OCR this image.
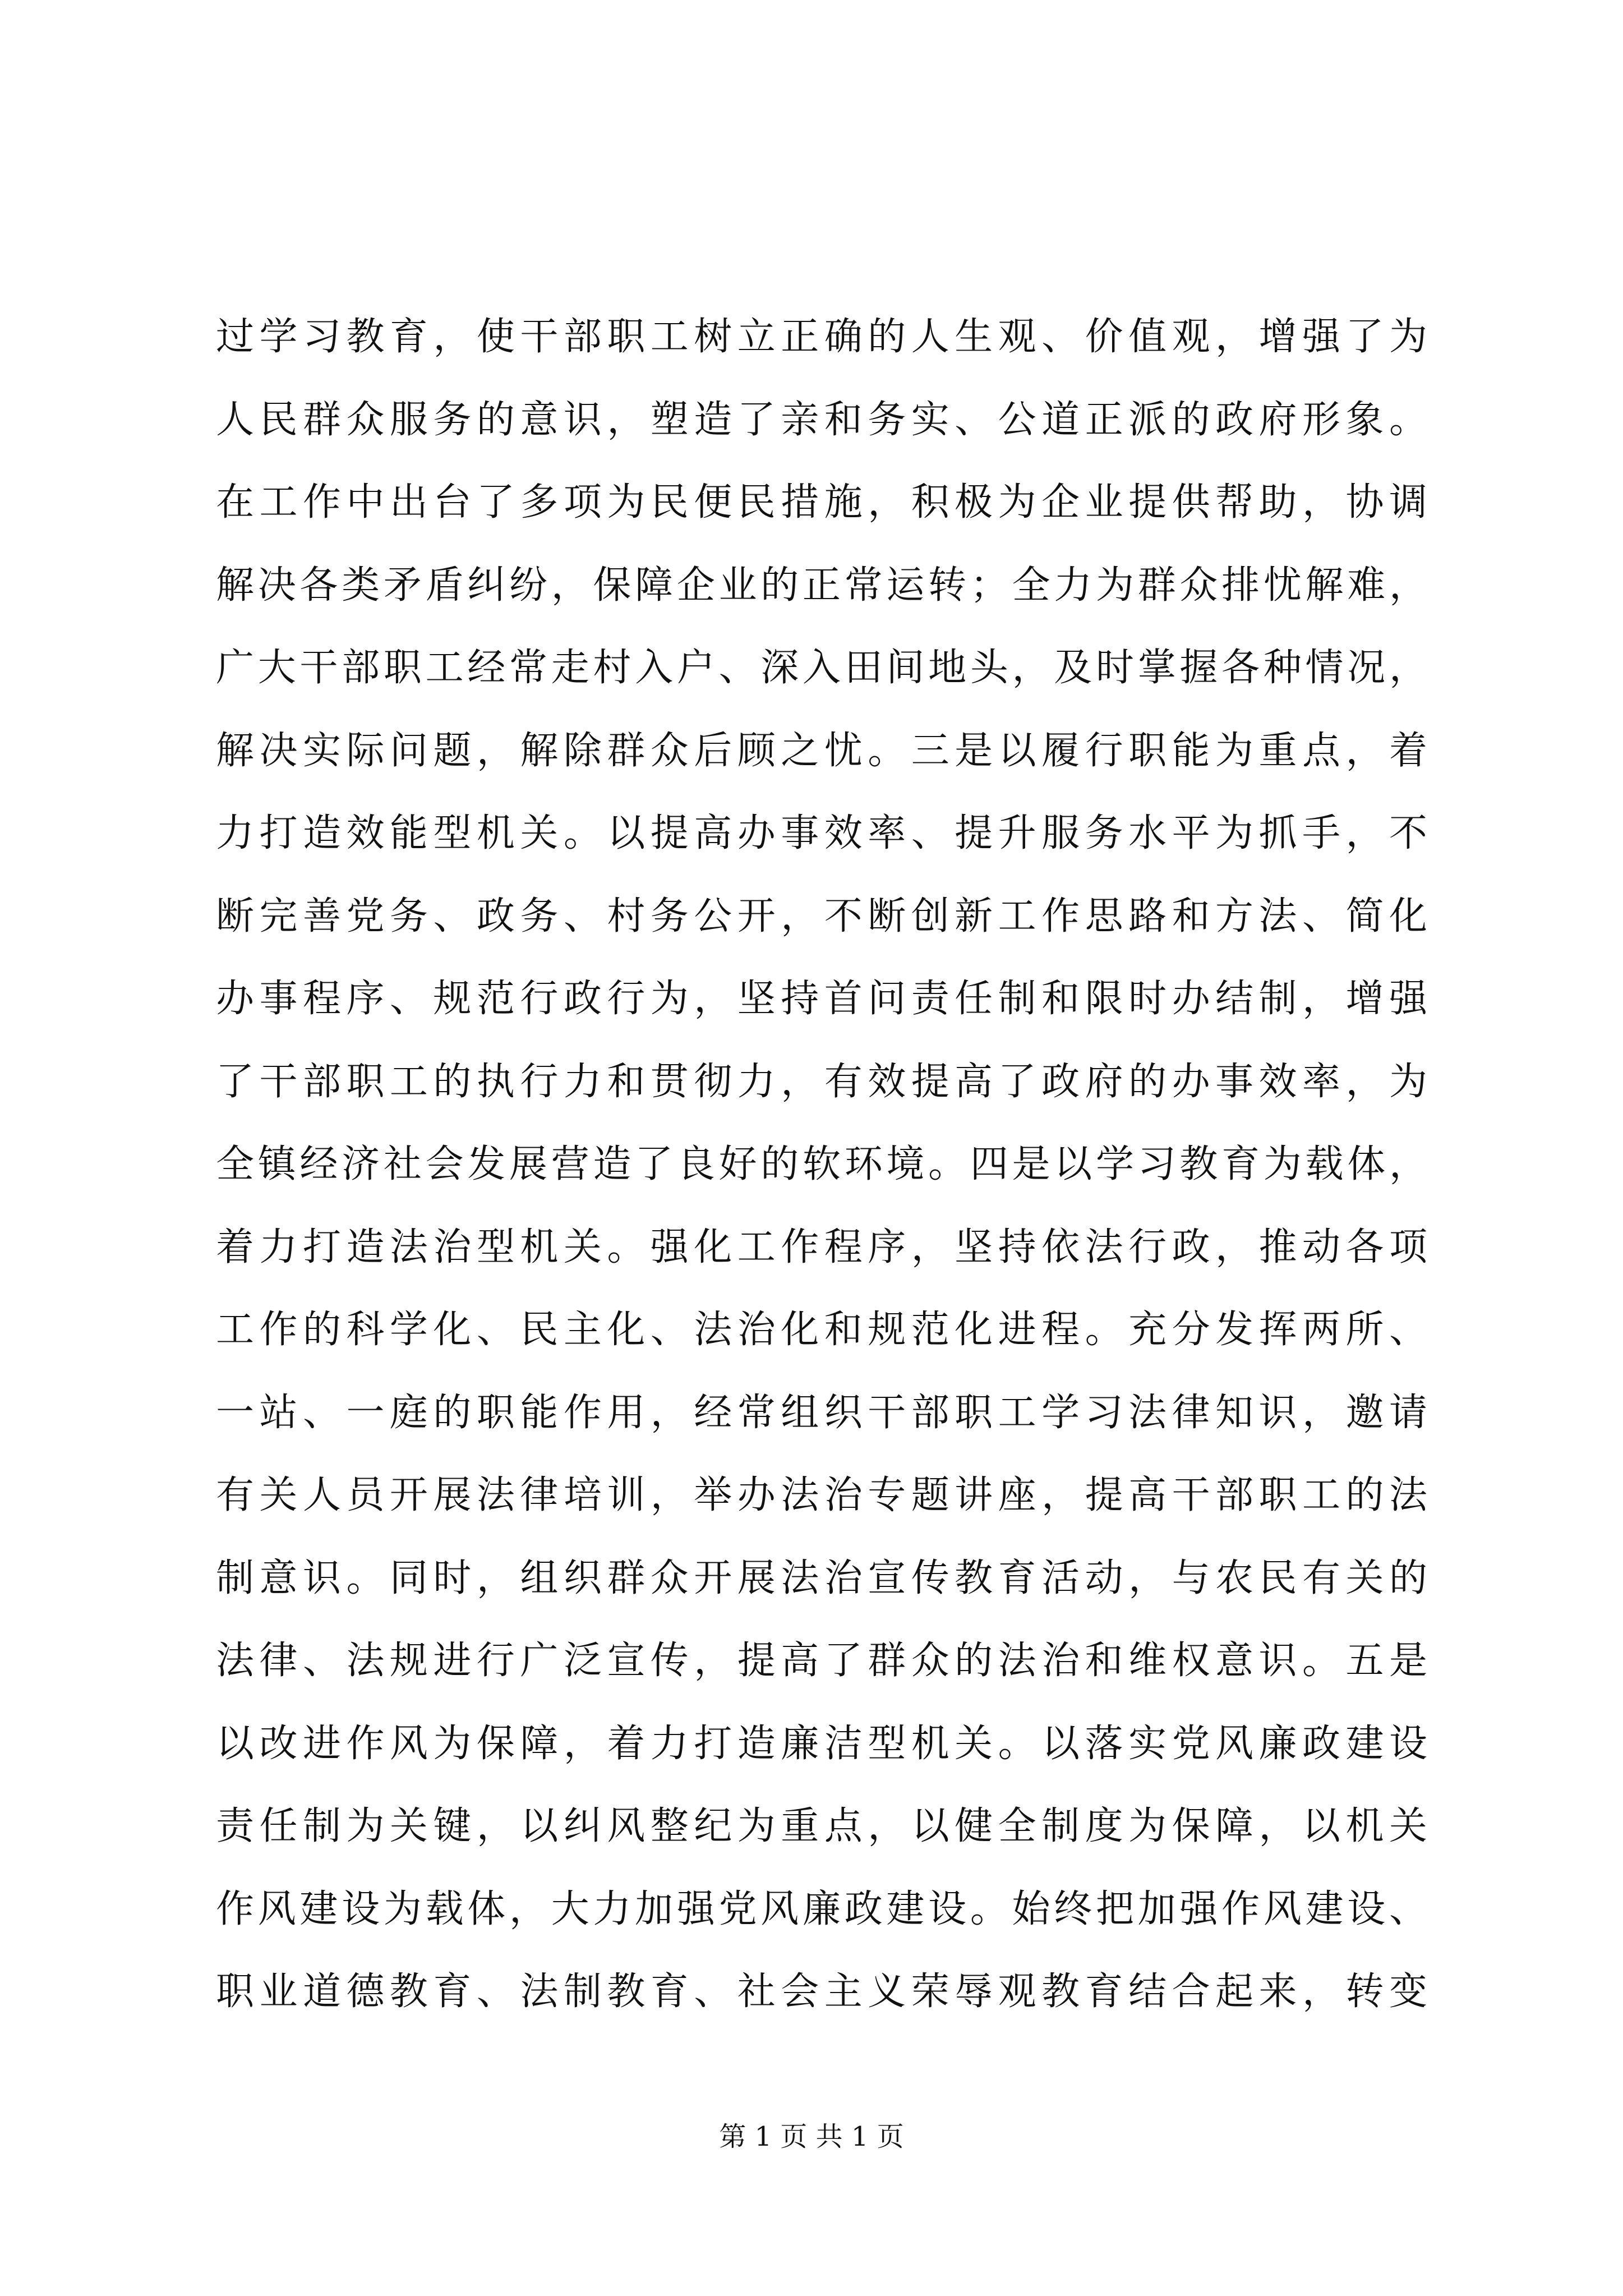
过学习教育，使干部职工树立正确的人生观、价值观，增强了为
人民群众服务的意识，塑造了亲和务实、公道正派的政府形象。
在工作中出台了多项为民便民措施，积极为企业提供帮助，协调
解决各类矛盾纠纷，保障企业的正常运转；全力为群众排忧解难，
广大干部职工经常走村入户、深入田间地头，及时掌握各种情况，
解决实际问题，解除群众后顾之忧。三是以履行职能为重点，着
力打造效能型机关。以提高办事效率、提升服务水平为抓手，不
断完善党务、政务、村务公开，不断创新工作思路和方法、简化
办事程序、规范行政行为，坚持首问责任制和限时办结制，增强
了干部职工的执行力和贯彻力，有效提高了政府的办事效率，为
全镇经济社会发展营造了良好的软环境。四是以学习教育为载体，
着力打造法治型机关。强化工作程序，坚持依法行政，推动各项
工作的科学化、民主化、法治化和规范化进程。充分发挥两所、
一站、一庭的职能作用，经常组织干部职工学习法律知识，邀请
有关人员开展法律培训，举办法治专题讲座，提高干部职工的法
制意识。同时，组织群众开展法治宣传教育活动，与农民有关的
法律、法规进行广泛宣传，提高了群众的法治和维权意识。五是
以改进作风为保障，着力打造廉洁型机关。以落实党风廉政建设
责任制为关键，以纠风整纪为重点，以健全制度为保障，以机关
作风建设为载体，大力加强党风廉政建设。始终把加强作风建设、
职业道德教育、法制教育、社会主义荣辱观教育结合起来，转变
第 1 页 共 1 页
